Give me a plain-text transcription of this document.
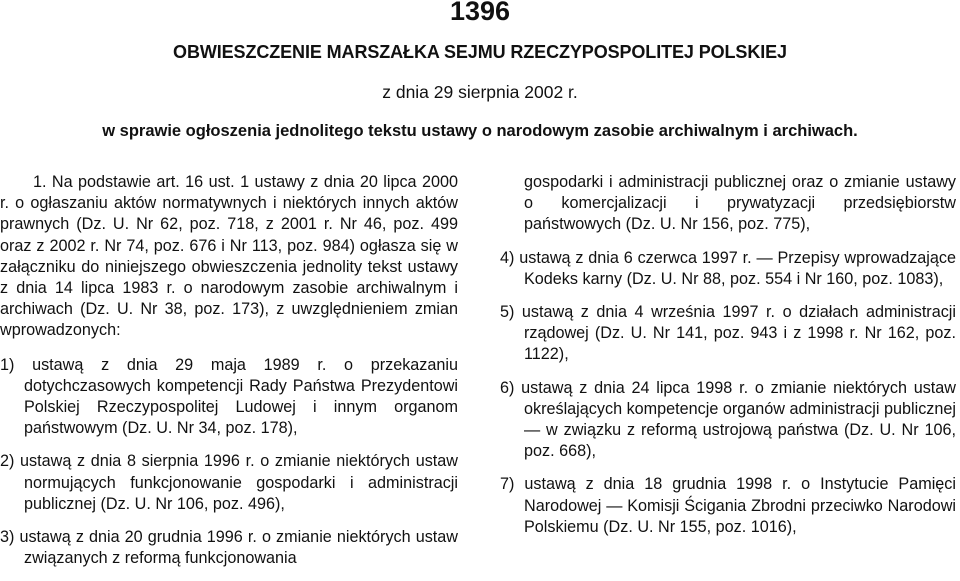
1396
OBWIESZCZENIE MARSZAŁKA SEJMU RZECZYPOSPOLITEJ POLSKIEJ
z dnia 29 sierpnia 2002 r.
w sprawie ogłoszenia jednolitego tekstu ustawy o narodowym zasobie archiwalnym i archiwach.

1. Na podstawie art. 16 ust. 1 ustawy z dnia 20 lipca 2000 r. o ogłaszaniu aktów normatywnych i niektórych innych aktów prawnych (Dz. U. Nr 62, poz. 718, z 2001 r. Nr 46, poz. 499 oraz z 2002 r. Nr 74, poz. 676 i Nr 113, poz. 984) ogłasza się w załączniku do niniejszego obwieszczenia jednolity tekst ustawy z dnia 14 lipca 1983 r. o narodowym zasobie archiwalnym i archiwach (Dz. U. Nr 38, poz. 173), z uwzględnieniem zmian wprowadzonych:

1) ustawą z dnia 29 maja 1989 r. o przekazaniu dotychczasowych kompetencji Rady Państwa Prezydentowi Polskiej Rzeczypospolitej Ludowej i innym organom państwowym (Dz. U. Nr 34, poz. 178),

2) ustawą z dnia 8 sierpnia 1996 r. o zmianie niektórych ustaw normujących funkcjonowanie gospodarki i administracji publicznej (Dz. U. Nr 106, poz. 496),

3) ustawą z dnia 20 grudnia 1996 r. o zmianie niektórych ustaw związanych z reformą funkcjonowania

gospodarki i administracji publicznej oraz o zmianie ustawy o komercjalizacji i prywatyzacji przedsiębiorstw państwowych (Dz. U. Nr 156, poz. 775),

4) ustawą z dnia 6 czerwca 1997 r. — Przepisy wprowadzające Kodeks karny (Dz. U. Nr 88, poz. 554 i Nr 160, poz. 1083),

5) ustawą z dnia 4 września 1997 r. o działach administracji rządowej (Dz. U. Nr 141, poz. 943 i z 1998 r. Nr 162, poz. 1122),

6) ustawą z dnia 24 lipca 1998 r. o zmianie niektórych ustaw określających kompetencje organów administracji publicznej — w związku z reformą ustrojową państwa (Dz. U. Nr 106, poz. 668),

7) ustawą z dnia 18 grudnia 1998 r. o Instytucie Pamięci Narodowej — Komisji Ścigania Zbrodni przeciwko Narodowi Polskiemu (Dz. U. Nr 155, poz. 1016),
